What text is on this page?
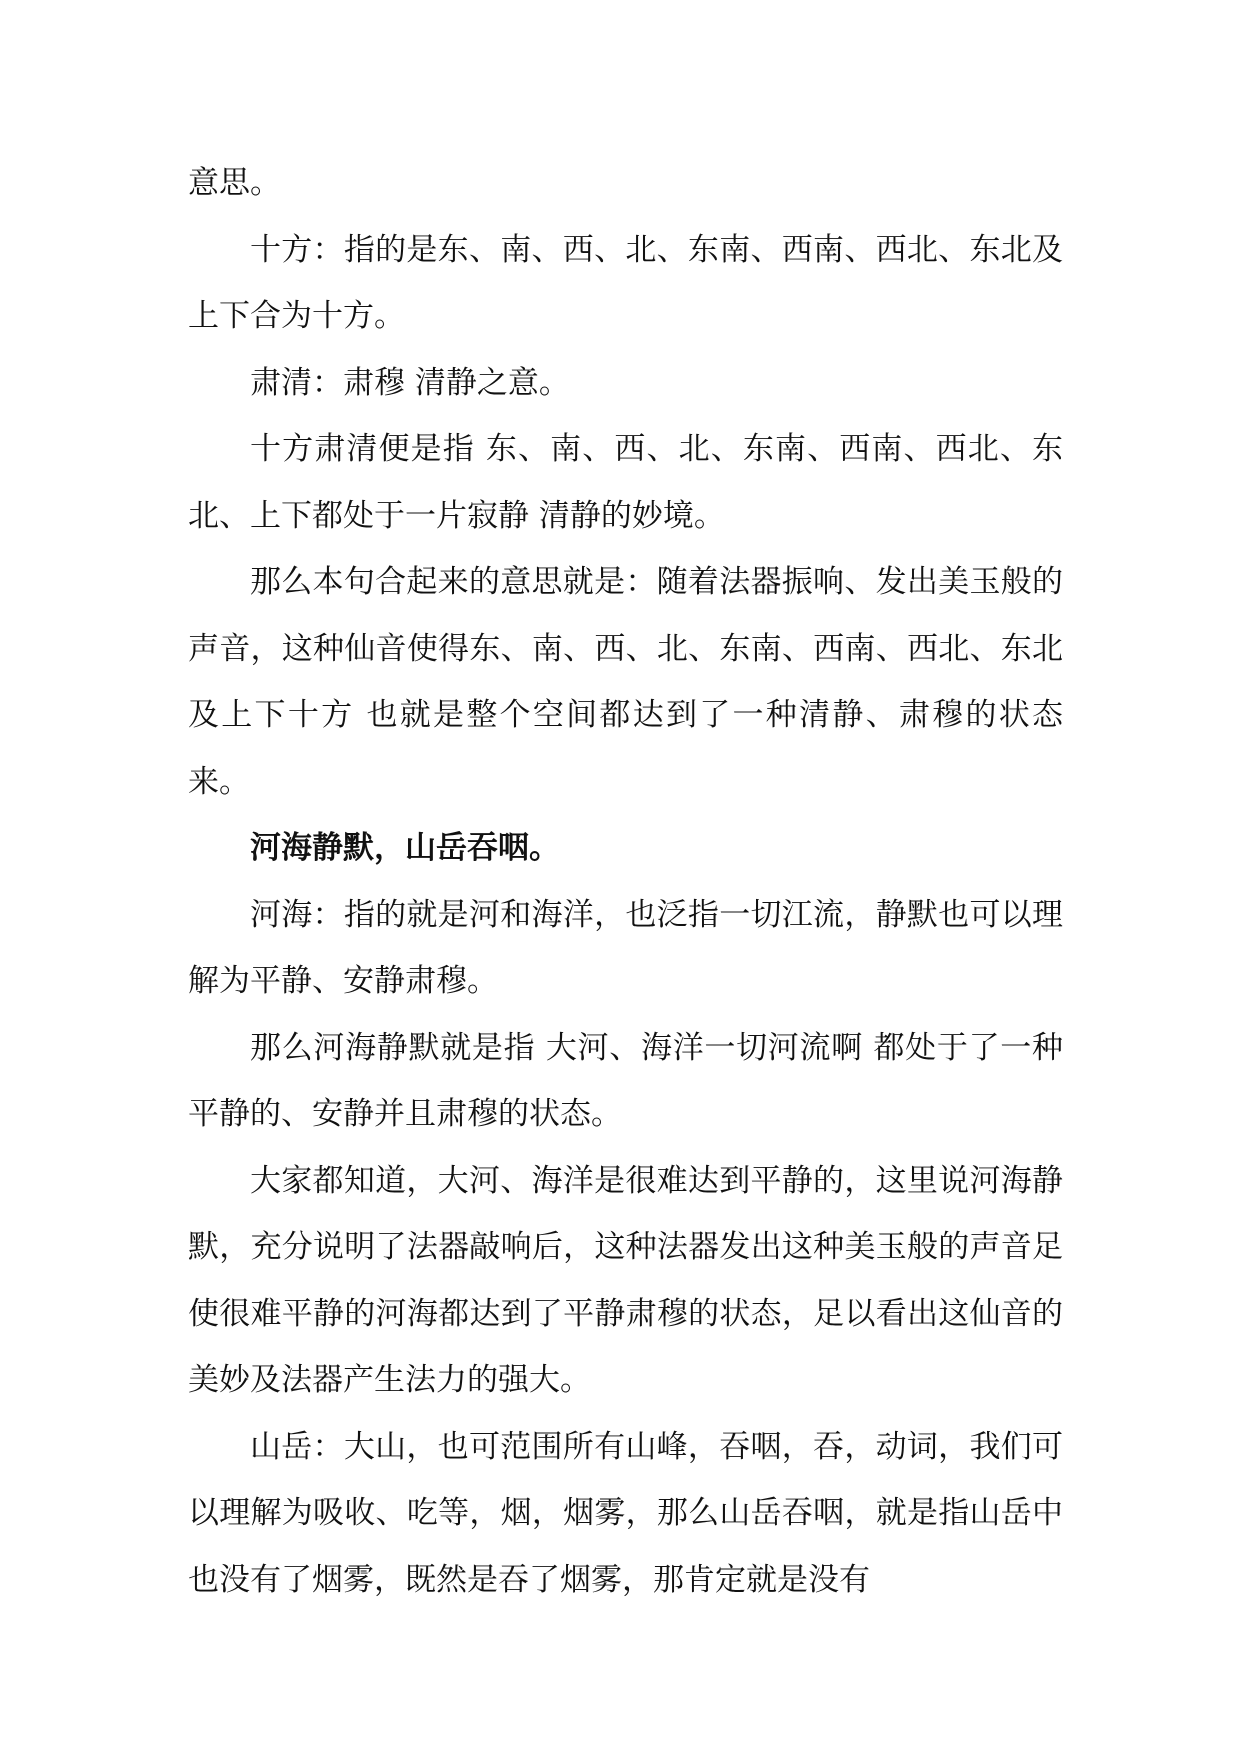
意思。

十方：指的是东、南、西、北、东南、西南、西北、东北及上下合为十方。

肃清：肃穆 清静之意。

十方肃清便是指 东、南、西、北、东南、西南、西北、东北、上下都处于一片寂静 清静的妙境。

那么本句合起来的意思就是：随着法器振响、发出美玉般的声音，这种仙音使得东、南、西、北、东南、西南、西北、东北及上下十方 也就是整个空间都达到了一种清静、肃穆的状态来。

河海静默，山岳吞咽。

河海：指的就是河和海洋，也泛指一切江流，静默也可以理解为平静、安静肃穆。

那么河海静默就是指 大河、海洋一切河流啊 都处于了一种平静的、安静并且肃穆的状态。

大家都知道，大河、海洋是很难达到平静的，这里说河海静默，充分说明了法器敲响后，这种法器发出这种美玉般的声音足使很难平静的河海都达到了平静肃穆的状态，足以看出这仙音的美妙及法器产生法力的强大。

山岳：大山，也可范围所有山峰，吞咽，吞，动词，我们可以理解为吸收、吃等，烟，烟雾，那么山岳吞咽，就是指山岳中也没有了烟雾，既然是吞了烟雾，那肯定就是没有
